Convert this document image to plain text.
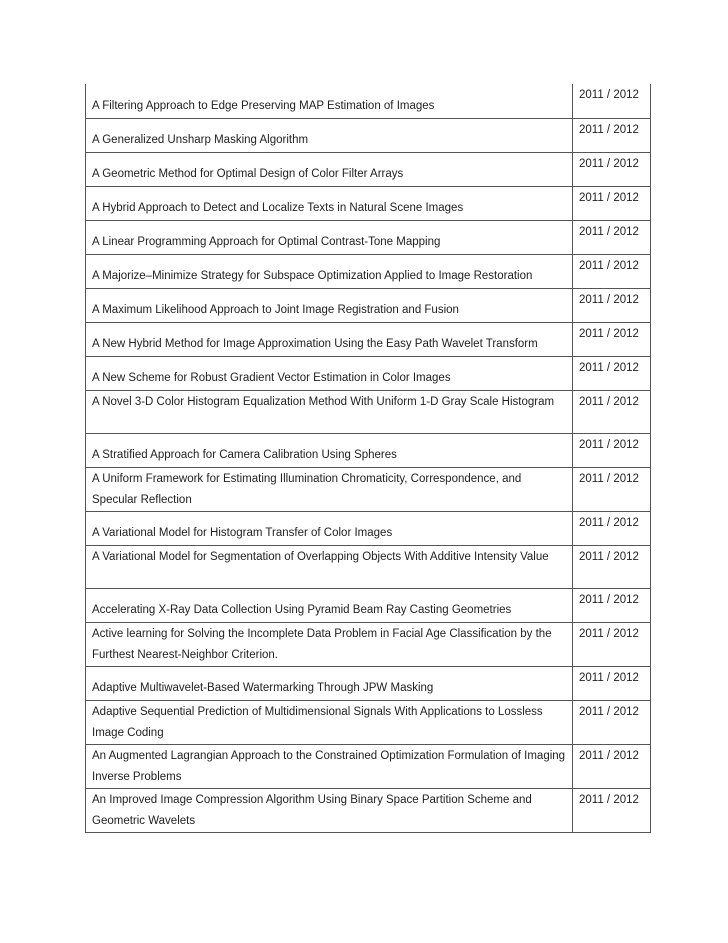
A Filtering Approach to Edge Preserving MAP Estimation of Images	2011 / 2012
A Generalized Unsharp Masking Algorithm	2011 / 2012
A Geometric Method for Optimal Design of Color Filter Arrays	2011 / 2012
A Hybrid Approach to Detect and Localize Texts in Natural Scene Images	2011 / 2012
A Linear Programming Approach for Optimal Contrast-Tone Mapping	2011 / 2012
A Majorize–Minimize Strategy for Subspace Optimization Applied to Image Restoration	2011 / 2012
A Maximum Likelihood Approach to Joint Image Registration and Fusion	2011 / 2012
A New Hybrid Method for Image Approximation Using the Easy Path Wavelet Transform	2011 / 2012
A New Scheme for Robust Gradient Vector Estimation in Color Images	2011 / 2012
A Novel 3-D Color Histogram Equalization Method With Uniform 1-D Gray Scale Histogram	2011 / 2012
A Stratified Approach for Camera Calibration Using Spheres	2011 / 2012
A Uniform Framework for Estimating Illumination Chromaticity, Correspondence, and Specular Reflection	2011 / 2012
A Variational Model for Histogram Transfer of Color Images	2011 / 2012
A Variational Model for Segmentation of Overlapping Objects With Additive Intensity Value	2011 / 2012
Accelerating X-Ray Data Collection Using Pyramid Beam Ray Casting Geometries	2011 / 2012
Active learning for Solving the Incomplete Data Problem in Facial Age Classification by the Furthest Nearest-Neighbor Criterion.	2011 / 2012
Adaptive Multiwavelet-Based Watermarking Through JPW Masking	2011 / 2012
Adaptive Sequential Prediction of Multidimensional Signals With Applications to Lossless Image Coding	2011 / 2012
An Augmented Lagrangian Approach to the Constrained Optimization Formulation of Imaging Inverse Problems	2011 / 2012
An Improved Image Compression Algorithm Using Binary Space Partition Scheme and Geometric Wavelets	2011 / 2012
